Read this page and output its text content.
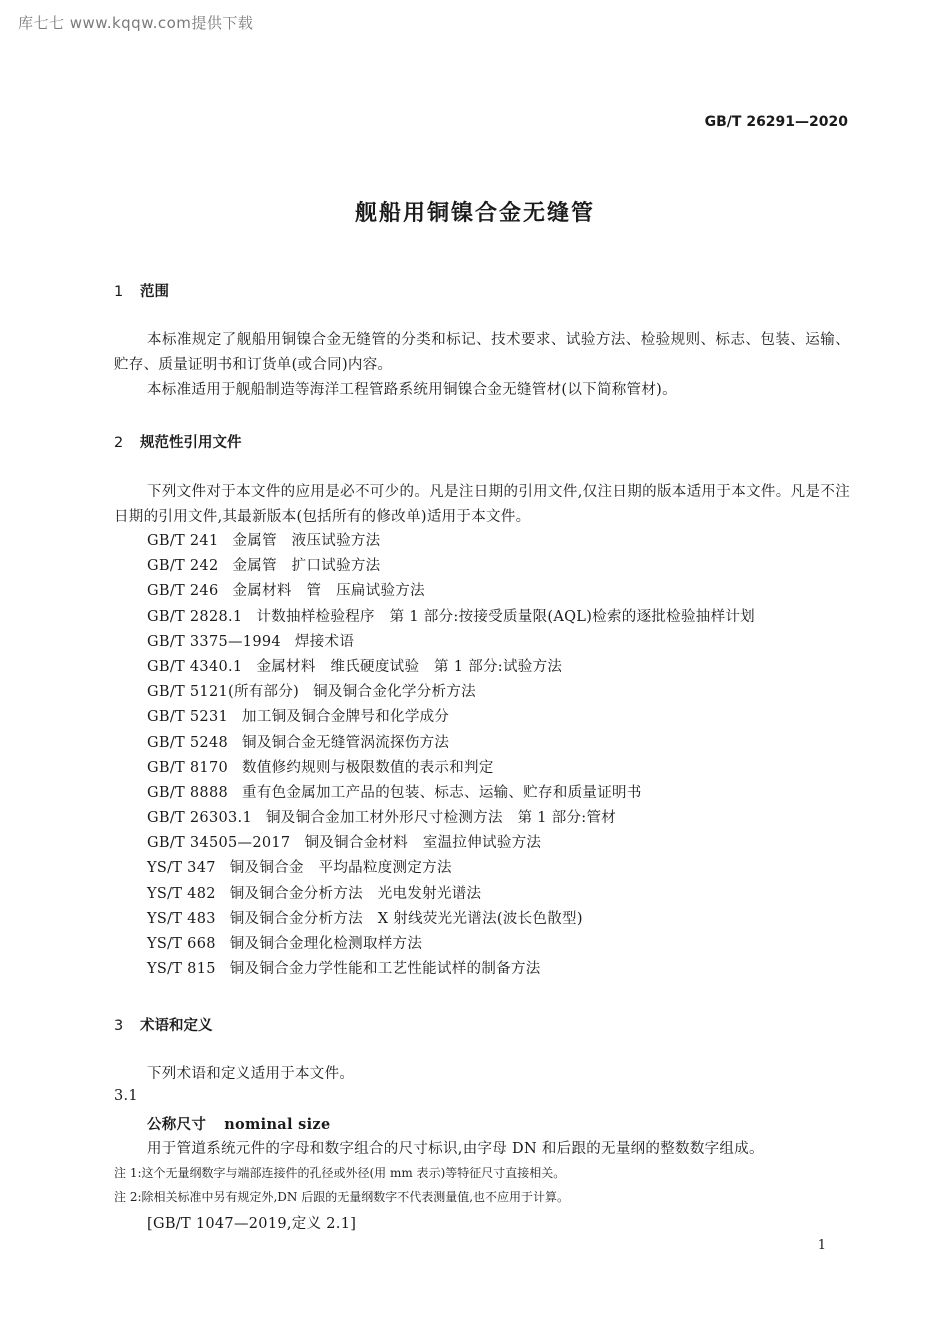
库七七 www.kqqw.com提供下载
GB/T 26291—2020
舰船用铜镍合金无缝管
1 范围
本标准规定了舰船用铜镍合金无缝管的分类和标记、技术要求、试验方法、检验规则、标志、包装、运输、贮存、质量证明书和订货单(或合同)内容。
本标准适用于舰船制造等海洋工程管路系统用铜镍合金无缝管材(以下简称管材)。
2 规范性引用文件
下列文件对于本文件的应用是必不可少的。凡是注日期的引用文件,仅注日期的版本适用于本文件。凡是不注日期的引用文件,其最新版本(包括所有的修改单)适用于本文件。
GB/T 241 金属管　液压试验方法
GB/T 242 金属管　扩口试验方法
GB/T 246 金属材料　管　压扁试验方法
GB/T 2828.1 计数抽样检验程序　第 1 部分:按接受质量限(AQL)检索的逐批检验抽样计划
GB/T 3375—1994 焊接术语
GB/T 4340.1 金属材料　维氏硬度试验　第 1 部分:试验方法
GB/T 5121(所有部分) 铜及铜合金化学分析方法
GB/T 5231 加工铜及铜合金牌号和化学成分
GB/T 5248 铜及铜合金无缝管涡流探伤方法
GB/T 8170 数值修约规则与极限数值的表示和判定
GB/T 8888 重有色金属加工产品的包装、标志、运输、贮存和质量证明书
GB/T 26303.1 铜及铜合金加工材外形尺寸检测方法　第 1 部分:管材
GB/T 34505—2017 铜及铜合金材料　室温拉伸试验方法
YS/T 347 铜及铜合金　平均晶粒度测定方法
YS/T 482 铜及铜合金分析方法　光电发射光谱法
YS/T 483 铜及铜合金分析方法　X 射线荧光光谱法(波长色散型)
YS/T 668 铜及铜合金理化检测取样方法
YS/T 815 铜及铜合金力学性能和工艺性能试样的制备方法
3 术语和定义
下列术语和定义适用于本文件。
3.1
公称尺寸 nominal size
用于管道系统元件的字母和数字组合的尺寸标识,由字母 DN 和后跟的无量纲的整数数字组成。
注 1:这个无量纲数字与端部连接件的孔径或外径(用 mm 表示)等特征尺寸直接相关。
注 2:除相关标准中另有规定外,DN 后跟的无量纲数字不代表测量值,也不应用于计算。
[GB/T 1047—2019,定义 2.1]
1
